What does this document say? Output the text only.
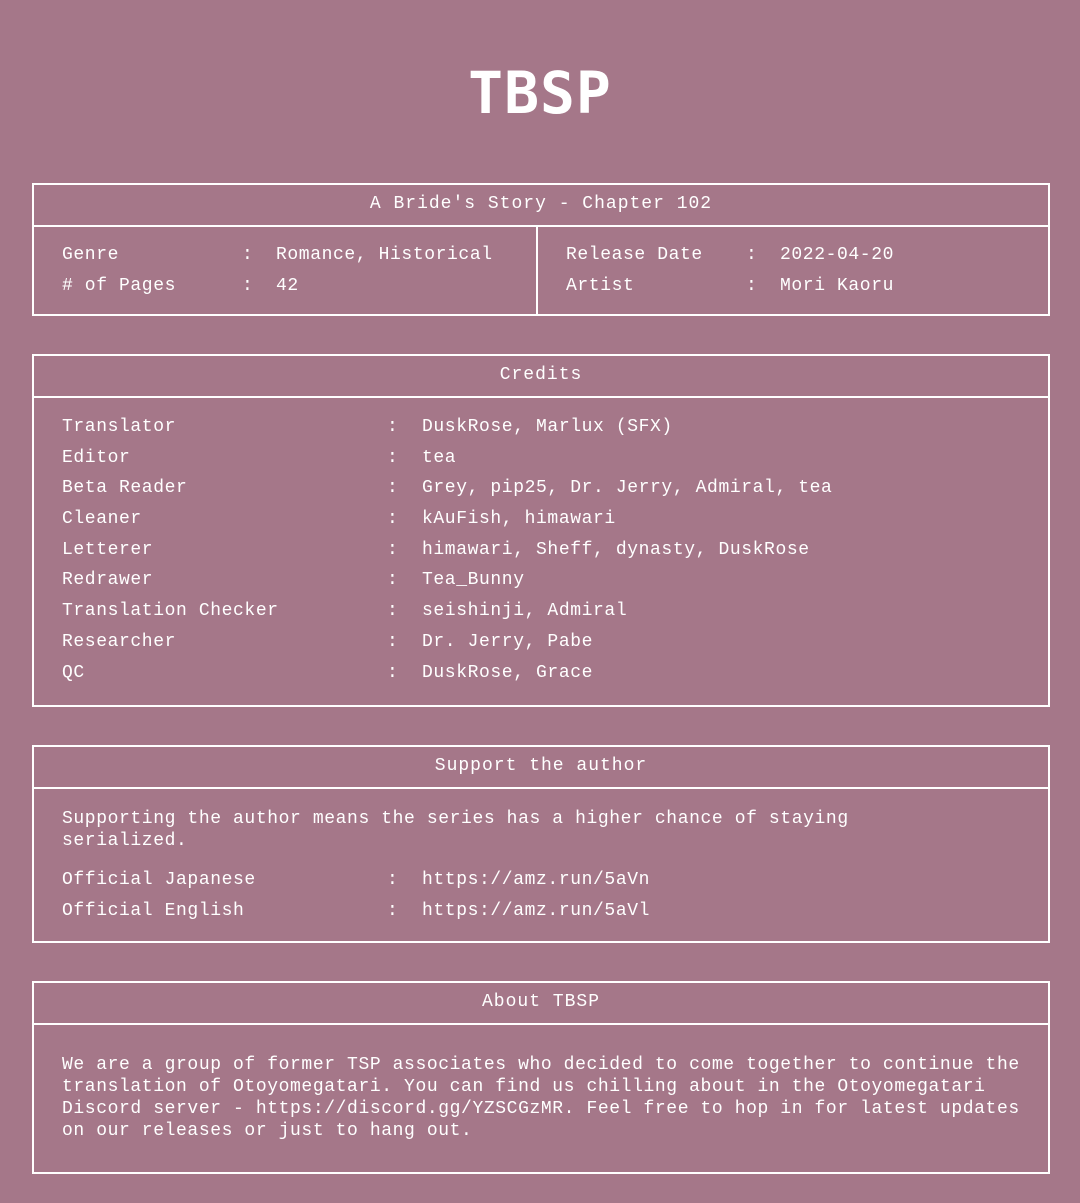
TBSP
A Bride's Story - Chapter 102
Genre	:	Romance, Historical
# of Pages	:	42
Release Date	:	2022-04-20
Artist	:	Mori Kaoru
Credits
Translator	:	DuskRose, Marlux (SFX)
Editor	:	tea
Beta Reader	:	Grey, pip25, Dr. Jerry, Admiral, tea
Cleaner	:	kAuFish, himawari
Letterer	:	himawari, Sheff, dynasty, DuskRose
Redrawer	:	Tea_Bunny
Translation Checker	:	seishinji, Admiral
Researcher	:	Dr. Jerry, Pabe
QC	:	DuskRose, Grace
Support the author
Supporting the author means the series has a higher chance of staying serialized.
Official Japanese	:	https://amz.run/5aVn
Official English	:	https://amz.run/5aVl
About TBSP
We are a group of former TSP associates who decided to come together to continue the translation of Otoyomegatari. You can find us chilling about in the Otoyomegatari Discord server - https://discord.gg/YZSCGzMR. Feel free to hop in for latest updates on our releases or just to hang out.
